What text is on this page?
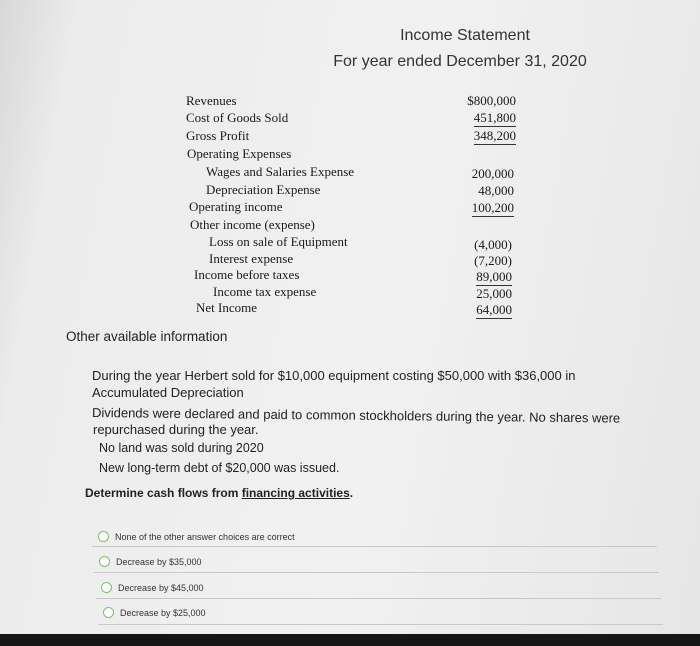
Income Statement
For year ended December 31, 2020
Revenues
Cost of Goods Sold
Gross Profit
Operating Expenses
Wages and Salaries Expense
Depreciation Expense
Operating income
Other income (expense)
Loss on sale of Equipment
Interest expense
Income before taxes
Income tax expense
Net Income
$800,000
451,800
348,200
200,000
48,000
100,200
(4,000)
(7,200)
89,000
25,000
64,000
Other available information
During the year Herbert sold for $10,000 equipment costing $50,000 with $36,000 in
Accumulated Depreciation
Dividends were declared and paid to common stockholders during the year. No shares were
repurchased during the year.
No land was sold during 2020
New long-term debt of $20,000 was issued.
Determine cash flows from financing activities.
None of the other answer choices are correct
Decrease by $35,000
Decrease by $45,000
Decrease by $25,000
